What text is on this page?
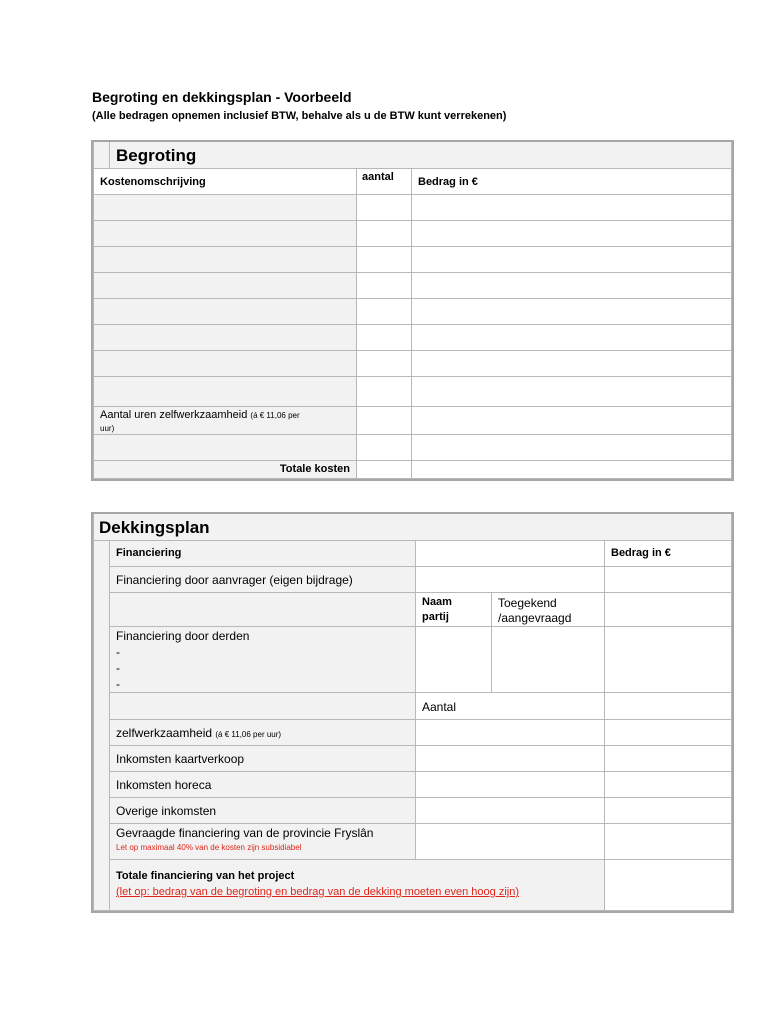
Begroting en dekkingsplan - Voorbeeld
(Alle bedragen opnemen inclusief BTW, behalve als u de BTW kunt verrekenen)
Begroting
Kostenomschrijving	aantal Bedrag in €
Aantal uren zelfwerkzaamheid (á € 11,06 per
uur)
Totale kosten
Dekkingsplan
Financiering	Bedrag in €
Financiering door aanvrager (eigen bijdrage)
Naam
partij
Toegekend
/aangevraagd
Financiering door derden
-
-
-
Aantal
zelfwerkzaamheid (á € 11,06 per uur)
Inkomsten kaartverkoop
Inkomsten horeca
Overige inkomsten
Gevraagde financiering van de provincie Fryslân
Let op maximaal 40% van de kosten zijn subsidiabel
Totale financiering van het project
(let op: bedrag van de begroting en bedrag van de dekking moeten even hoog zijn)
